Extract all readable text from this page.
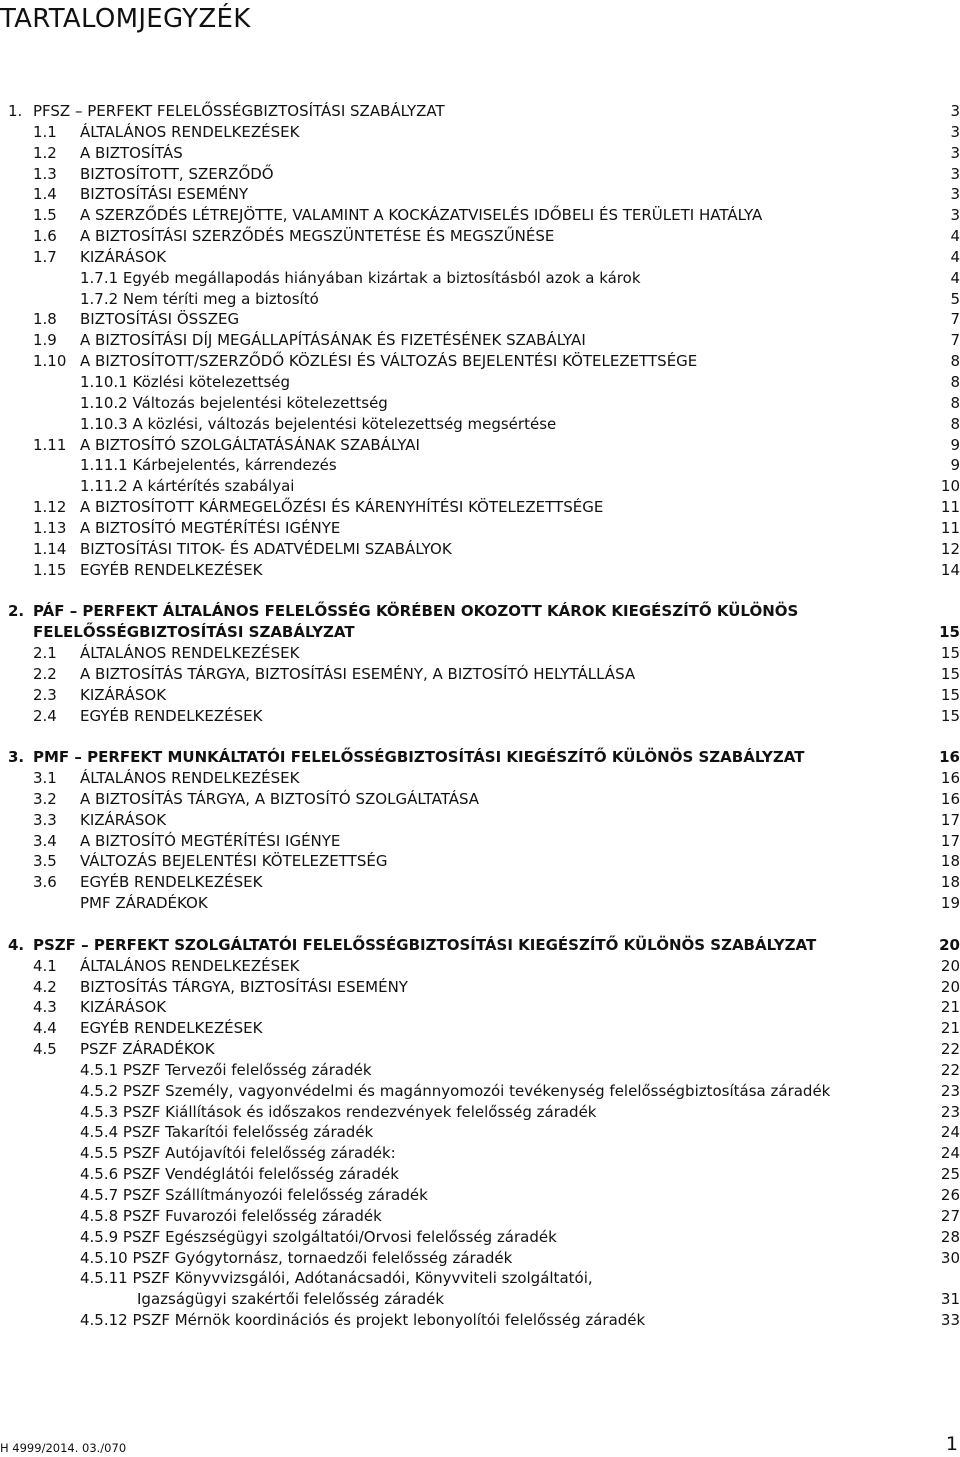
TARTALOMJEGYZÉK
1. PFSZ – PERFEKT FELELŐSSÉGBIZTOSÍTÁSI SZABÁLYZAT	3
1.1 ÁLTALÁNOS RENDELKEZÉSEK	3
1.2 A BIZTOSÍTÁS	3
1.3 BIZTOSÍTOTT, SZERZŐDŐ	3
1.4 BIZTOSÍTÁSI ESEMÉNY	3
1.5 A SZERZŐDÉS LÉTREJÖTTE, VALAMINT A KOCKÁZATVISELÉS IDŐBELI ÉS TERÜLETI HATÁLYA	3
1.6 A BIZTOSÍTÁSI SZERZŐDÉS MEGSZÜNTETÉSE ÉS MEGSZŰNÉSE	4
1.7 KIZÁRÁSOK	4
1.7.1 Egyéb megállapodás hiányában kizártak a biztosításból azok a károk	4
1.7.2 Nem téríti meg a biztosító	5
1.8 BIZTOSÍTÁSI ÖSSZEG	7
1.9 A BIZTOSÍTÁSI DÍJ MEGÁLLAPÍTÁSÁNAK ÉS FIZETÉSÉNEK SZABÁLYAI	7
1.10 A BIZTOSÍTOTT/SZERZŐDŐ KÖZLÉSI ÉS VÁLTOZÁS BEJELENTÉSI KÖTELEZETTSÉGE	8
1.10.1 Közlési kötelezettség	8
1.10.2 Változás bejelentési kötelezettség	8
1.10.3 A közlési, változás bejelentési kötelezettség megsértése	8
1.11 A BIZTOSÍTÓ SZOLGÁLTATÁSÁNAK SZABÁLYAI	9
1.11.1 Kárbejelentés, kárrendezés	9
1.11.2 A kártérítés szabályai	10
1.12 A BIZTOSÍTOTT KÁRMEGELŐZÉSI ÉS KÁRENYHÍTÉSI KÖTELEZETTSÉGE	11
1.13 A BIZTOSÍTÓ MEGTÉRÍTÉSI IGÉNYE	11
1.14 BIZTOSÍTÁSI TITOK- ÉS ADATVÉDELMI SZABÁLYOK	12
1.15 EGYÉB RENDELKEZÉSEK	14
2. PÁF – PERFEKT ÁLTALÁNOS FELELŐSSÉG KÖRÉBEN OKOZOTT KÁROK KIEGÉSZÍTŐ KÜLÖNÖS
FELELŐSSÉGBIZTOSÍTÁSI SZABÁLYZAT	15
2.1 ÁLTALÁNOS RENDELKEZÉSEK	15
2.2 A BIZTOSÍTÁS TÁRGYA, BIZTOSÍTÁSI ESEMÉNY, A BIZTOSÍTÓ HELYTÁLLÁSA	15
2.3 KIZÁRÁSOK	15
2.4 EGYÉB RENDELKEZÉSEK	15
3. PMF – PERFEKT MUNKÁLTATÓI FELELŐSSÉGBIZTOSÍTÁSI KIEGÉSZÍTŐ KÜLÖNÖS SZABÁLYZAT	16
3.1 ÁLTALÁNOS RENDELKEZÉSEK	16
3.2 A BIZTOSÍTÁS TÁRGYA, A BIZTOSÍTÓ SZOLGÁLTATÁSA	16
3.3 KIZÁRÁSOK	17
3.4 A BIZTOSÍTÓ MEGTÉRÍTÉSI IGÉNYE	17
3.5 VÁLTOZÁS BEJELENTÉSI KÖTELEZETTSÉG	18
3.6 EGYÉB RENDELKEZÉSEK	18
PMF ZÁRADÉKOK	19
4. PSZF – PERFEKT SZOLGÁLTATÓI FELELŐSSÉGBIZTOSÍTÁSI KIEGÉSZÍTŐ KÜLÖNÖS SZABÁLYZAT	20
4.1 ÁLTALÁNOS RENDELKEZÉSEK	20
4.2 BIZTOSÍTÁS TÁRGYA, BIZTOSÍTÁSI ESEMÉNY	20
4.3 KIZÁRÁSOK	21
4.4 EGYÉB RENDELKEZÉSEK	21
4.5 PSZF ZÁRADÉKOK	22
4.5.1 PSZF Tervezői felelősség záradék	22
4.5.2 PSZF Személy, vagyonvédelmi és magánnyomozói tevékenység felelősségbiztosítása záradék	23
4.5.3 PSZF Kiállítások és időszakos rendezvények felelősség záradék	23
4.5.4 PSZF Takarítói felelősség záradék	24
4.5.5 PSZF Autójavítói felelősség záradék:	24
4.5.6 PSZF Vendéglátói felelősség záradék	25
4.5.7 PSZF Szállítmányozói felelősség záradék	26
4.5.8 PSZF Fuvarozói felelősség záradék	27
4.5.9 PSZF Egészségügyi szolgáltatói/Orvosi felelősség záradék	28
4.5.10 PSZF Gyógytornász, tornaedzői felelősség záradék	30
4.5.11 PSZF Könyvvizsgálói, Adótanácsadói, Könyvviteli szolgáltatói,
Igazságügyi szakértői felelősség záradék	31
4.5.12 PSZF Mérnök koordinációs és projekt lebonyolítói felelősség záradék	33
H 4999/2014. 03./070	1
